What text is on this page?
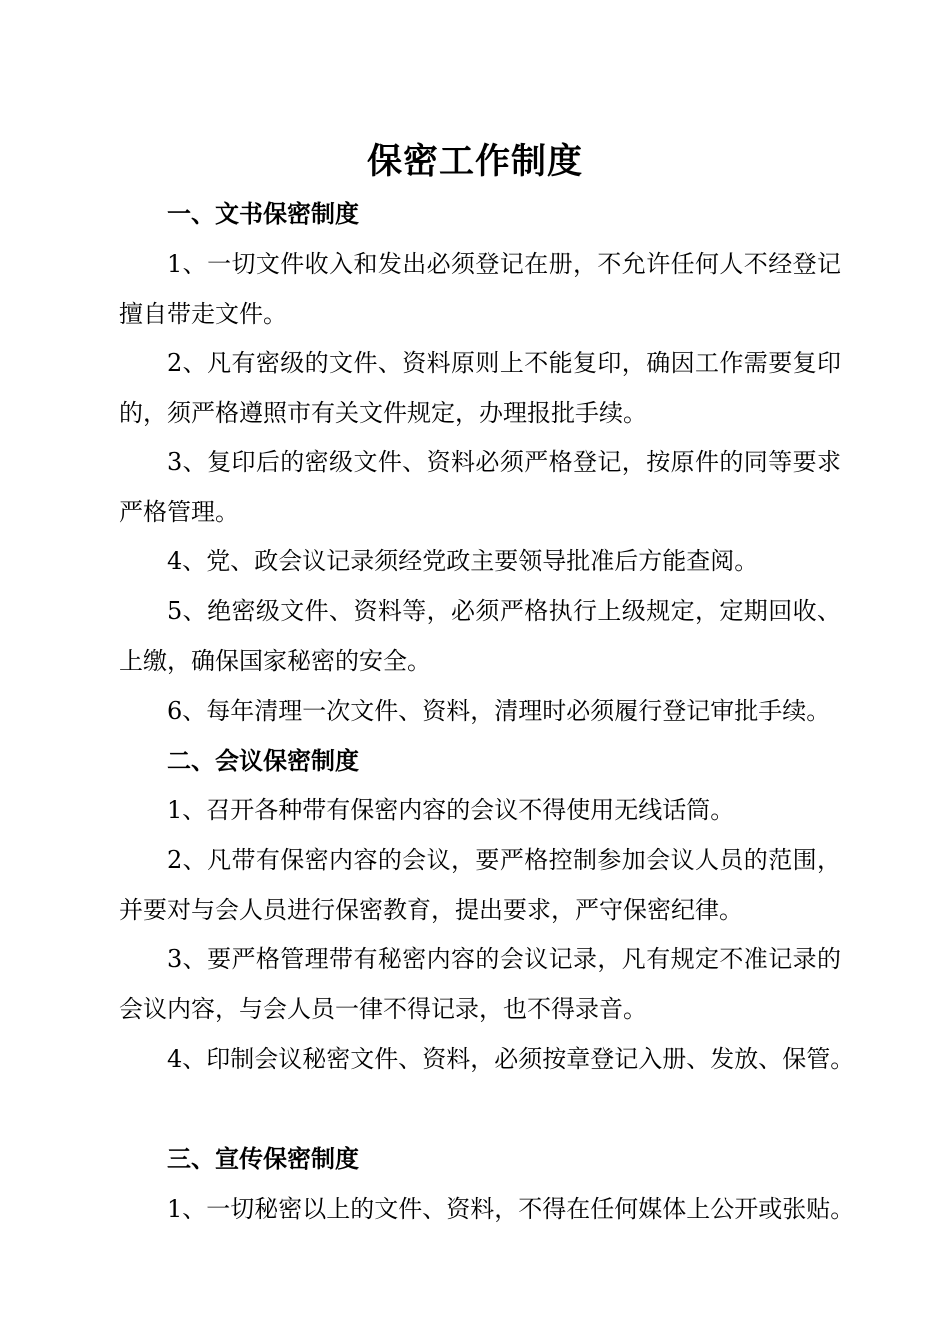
保密工作制度
一、文书保密制度

1、一切文件收入和发出必须登记在册，不允许任何人不经登记擅自带走文件。

2、凡有密级的文件、资料原则上不能复印，确因工作需要复印的，须严格遵照市有关文件规定，办理报批手续。

3、复印后的密级文件、资料必须严格登记，按原件的同等要求严格管理。

4、党、政会议记录须经党政主要领导批准后方能查阅。

5、绝密级文件、资料等，必须严格执行上级规定，定期回收、上缴，确保国家秘密的安全。

6、每年清理一次文件、资料，清理时必须履行登记审批手续。

二、会议保密制度

1、召开各种带有保密内容的会议不得使用无线话筒。

2、凡带有保密内容的会议，要严格控制参加会议人员的范围，并要对与会人员进行保密教育，提出要求，严守保密纪律。

3、要严格管理带有秘密内容的会议记录，凡有规定不准记录的会议内容，与会人员一律不得记录，也不得录音。

4、印制会议秘密文件、资料，必须按章登记入册、发放、保管。

三、宣传保密制度

1、一切秘密以上的文件、资料，不得在任何媒体上公开或张贴。
